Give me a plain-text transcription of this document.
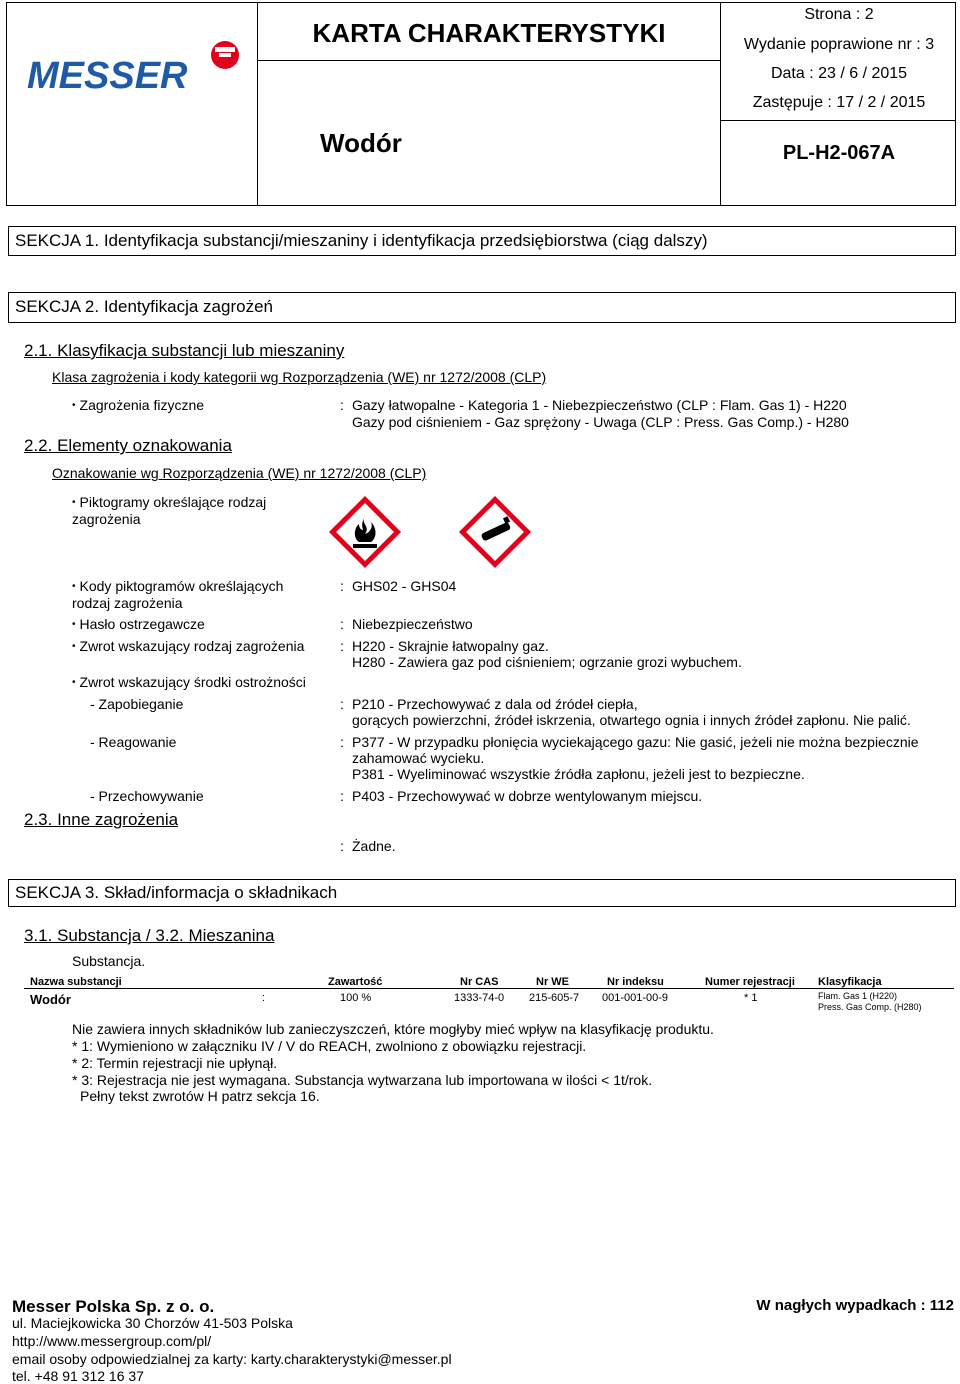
MESSER
KARTA CHARAKTERYSTYKI
Wodór
Strona : 2
Wydanie poprawione nr : 3
Data : 23 / 6 / 2015
Zastępuje : 17 / 2 / 2015
PL-H2-067A
SEKCJA 1. Identyfikacja substancji/mieszaniny i identyfikacja przedsiębiorstwa (ciąg dalszy)
SEKCJA 2. Identyfikacja zagrożeń
2.1. Klasyfikacja substancji lub mieszaniny
Klasa zagrożenia i kody kategorii wg Rozporządzenia (WE) nr 1272/2008 (CLP)
• Zagrożenia fizyczne	: Gazy łatwopalne - Kategoria 1 - Niebezpieczeństwo (CLP : Flam. Gas 1) - H220
Gazy pod ciśnieniem - Gaz sprężony - Uwaga (CLP : Press. Gas Comp.) - H280
2.2. Elementy oznakowania
Oznakowanie wg Rozporządzenia (WE) nr 1272/2008 (CLP)
• Piktogramy określające rodzaj
zagrożenia
• Kody piktogramów określających
rodzaj zagrożenia
: GHS02 - GHS04
• Hasło ostrzegawcze	: Niebezpieczeństwo
• Zwrot wskazujący rodzaj zagrożenia	: H220 - Skrajnie łatwopalny gaz.
H280 - Zawiera gaz pod ciśnieniem; ogrzanie grozi wybuchem.
• Zwrot wskazujący środki ostrożności
- Zapobieganie	: P210 - Przechowywać z dala od źródeł ciepła,
gorących powierzchni, źródeł iskrzenia, otwartego ognia i innych źródeł zapłonu. Nie palić.
- Reagowanie	: P377 - W przypadku płonięcia wyciekającego gazu: Nie gasić, jeżeli nie można bezpiecznie
zahamować wycieku.
P381 - Wyeliminować wszystkie źródła zapłonu, jeżeli jest to bezpieczne.
- Przechowywanie	: P403 - Przechowywać w dobrze wentylowanym miejscu.
2.3. Inne zagrożenia
: Żadne.
SEKCJA 3. Skład/informacja o składnikach
3.1. Substancja / 3.2. Mieszanina
Substancja.
Nazwa substancji	Zawartość	Nr CAS	Nr WE	Nr indeksu	Numer rejestracji Klasyfikacja
Wodór	:	100 %	1333-74-0 215-605-7 001-001-00-9	* 1	Flam. Gas 1 (H220)
Press. Gas Comp. (H280)
Nie zawiera innych składników lub zanieczyszczeń, które mogłyby mieć wpływ na klasyfikację produktu.
* 1: Wymieniono w załączniku IV / V do REACH, zwolniono z obowiązku rejestracji.
* 2: Termin rejestracji nie upłynął.
* 3: Rejestracja nie jest wymagana. Substancja wytwarzana lub importowana w ilości < 1t/rok.
Pełny tekst zwrotów H patrz sekcja 16.
Messer Polska Sp. z o. o.	W nagłych wypadkach : 112
ul. Maciejkowicka 30 Chorzów 41-503 Polska
http://www.messergroup.com/pl/
email osoby odpowiedzialnej za karty: karty.charakterystyki@messer.pl
tel. +48 91 312 16 37
